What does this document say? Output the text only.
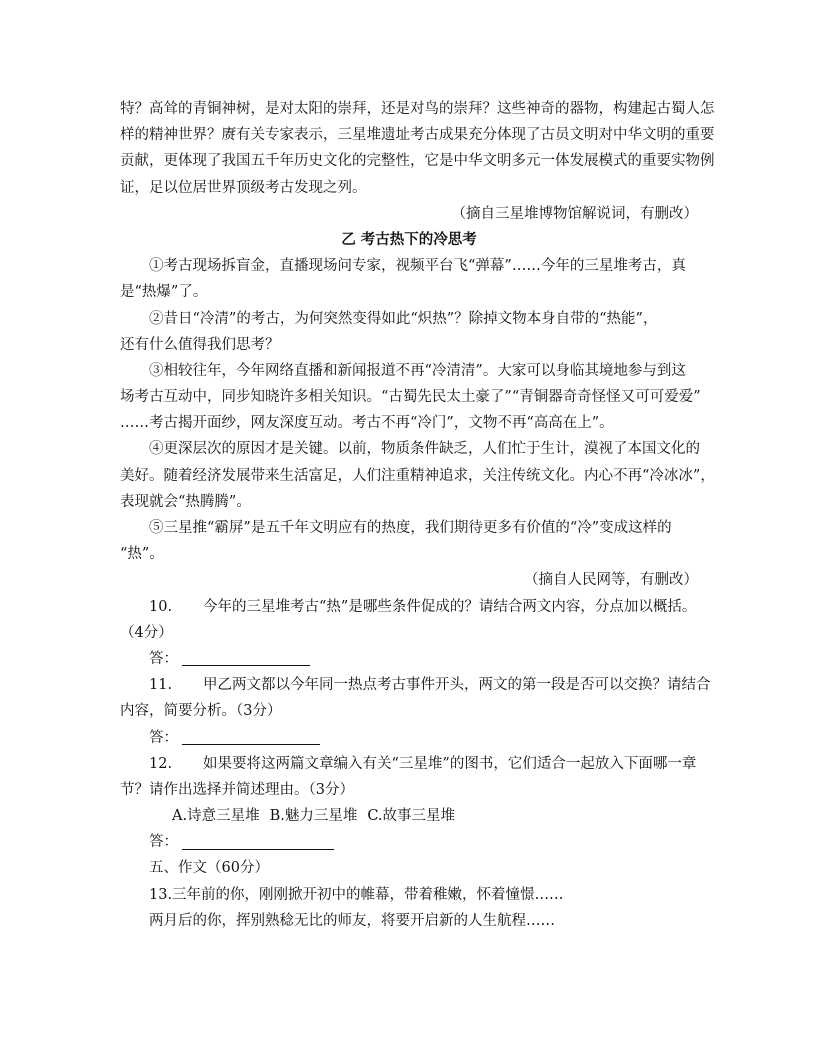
特？高耸的青铜神树，是对太阳的崇拜，还是对鸟的崇拜？这些神奇的器物，构建起古蜀人怎
样的精神世界？赓有关专家表示，三星堆遗址考古成果充分体现了古员文明对中华文明的重要
贡献，更体现了我国五千年历史文化的完整性，它是中华文明多元一体发展模式的重要实物例
证，足以位居世界顶级考古发现之列。
（摘自三星堆博物馆解说词，有删改）
乙 考古热下的冷思考
①考古现场拆盲金，直播现场问专家，视频平台飞“弹幕”……今年的三星堆考古，真
是“热爆”了。
②昔日“冷清”的考古，为何突然变得如此“炽热”？除掉文物本身自带的“热能”，
还有什么值得我们思考？
③相较往年，今年网络直播和新闻报道不再“冷清清”。大家可以身临其境地参与到这
场考古互动中，同步知晓许多相关知识。“古蜀先民太土豪了”“青铜器奇奇怪怪又可可爱爱”
……考古揭开面纱，网友深度互动。考古不再“冷门”，文物不再“高高在上”。
④更深层次的原因才是关键。以前，物质条件缺乏，人们忙于生计，漠视了本国文化的
美好。随着经济发展带来生活富足，人们注重精神追求，关注传统文化。内心不再“冷冰冰”，
表现就会“热腾腾”。
⑤三星推“霸屏”是五千年文明应有的热度，我们期待更多有价值的“冷”变成这样的
“热”。
（摘自人民网等，有删改）
10. 今年的三星堆考古“热”是哪些条件促成的？请结合两文内容，分点加以概括。
（4分）
答：
11. 甲乙两文都以今年同一热点考古事件开头，两文的第一段是否可以交换？请结合
内容，简要分析。（3分）
答：
12. 如果要将这两篇文章编入有关“三星堆”的图书，它们适合一起放入下面哪一章
节？请作出选择并简述理由。（3分）
A.诗意三星堆 B.魅力三星堆 C.故事三星堆
答：
五、作文（60分）
13.三年前的你，刚刚掀开初中的帷幕，带着稚嫩，怀着憧憬……
两月后的你，挥别熟稔无比的师友，将要开启新的人生航程……
